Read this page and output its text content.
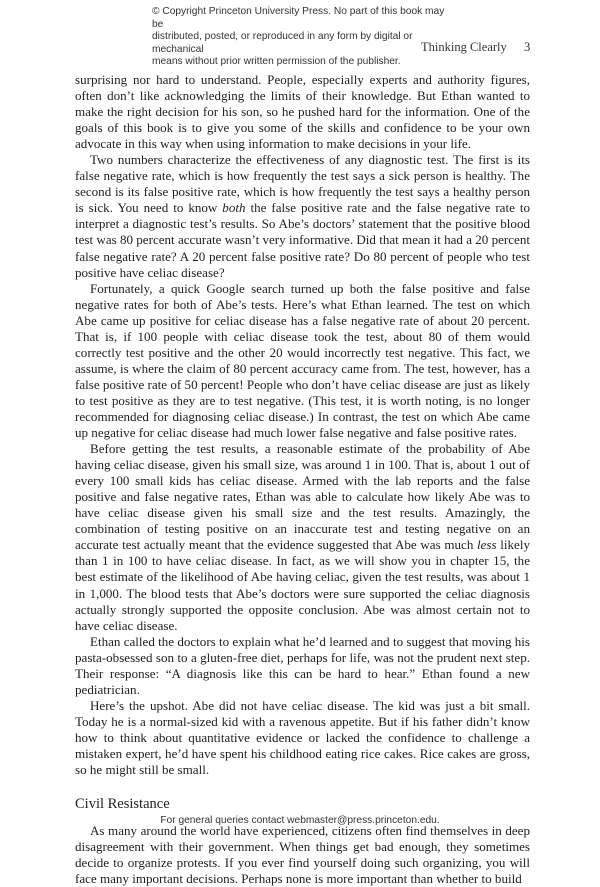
© Copyright Princeton University Press. No part of this book may be
distributed, posted, or reproduced in any form by digital or mechanical
means without prior written permission of the publisher.
Thinking Clearly 3

surprising nor hard to understand. People, especially experts and authority figures, often don’t like acknowledging the limits of their knowledge. But Ethan wanted to make the right decision for his son, so he pushed hard for the information. One of the goals of this book is to give you some of the skills and confidence to be your own advocate in this way when using information to make decisions in your life.

Two numbers characterize the effectiveness of any diagnostic test. The first is its false negative rate, which is how frequently the test says a sick person is healthy. The second is its false positive rate, which is how frequently the test says a healthy person is sick. You need to know both the false positive rate and the false negative rate to interpret a diagnostic test’s results. So Abe’s doctors’ statement that the positive blood test was 80 percent accurate wasn’t very informative. Did that mean it had a 20 percent false negative rate? A 20 percent false positive rate? Do 80 percent of people who test positive have celiac disease?

Fortunately, a quick Google search turned up both the false positive and false negative rates for both of Abe’s tests. Here’s what Ethan learned. The test on which Abe came up positive for celiac disease has a false negative rate of about 20 percent. That is, if 100 people with celiac disease took the test, about 80 of them would correctly test positive and the other 20 would incorrectly test negative. This fact, we assume, is where the claim of 80 percent accuracy came from. The test, however, has a false positive rate of 50 percent! People who don’t have celiac disease are just as likely to test positive as they are to test negative. (This test, it is worth noting, is no longer recommended for diagnosing celiac disease.) In contrast, the test on which Abe came up negative for celiac disease had much lower false negative and false positive rates.

Before getting the test results, a reasonable estimate of the probability of Abe having celiac disease, given his small size, was around 1 in 100. That is, about 1 out of every 100 small kids has celiac disease. Armed with the lab reports and the false positive and false negative rates, Ethan was able to calculate how likely Abe was to have celiac disease given his small size and the test results. Amazingly, the combination of testing positive on an inaccurate test and testing negative on an accurate test actually meant that the evidence suggested that Abe was much less likely than 1 in 100 to have celiac disease. In fact, as we will show you in chapter 15, the best estimate of the likelihood of Abe having celiac, given the test results, was about 1 in 1,000. The blood tests that Abe’s doctors were sure supported the celiac diagnosis actually strongly supported the opposite conclusion. Abe was almost certain not to have celiac disease.

Ethan called the doctors to explain what he’d learned and to suggest that moving his pasta-obsessed son to a gluten-free diet, perhaps for life, was not the prudent next step. Their response: “A diagnosis like this can be hard to hear.” Ethan found a new pediatrician.

Here’s the upshot. Abe did not have celiac disease. The kid was just a bit small. Today he is a normal-sized kid with a ravenous appetite. But if his father didn’t know how to think about quantitative evidence or lacked the confidence to challenge a mistaken expert, he’d have spent his childhood eating rice cakes. Rice cakes are gross, so he might still be small.

Civil Resistance

As many around the world have experienced, citizens often find themselves in deep disagreement with their government. When things get bad enough, they sometimes decide to organize protests. If you ever find yourself doing such organizing, you will face many important decisions. Perhaps none is more important than whether to build

For general queries contact webmaster@press.princeton.edu.
